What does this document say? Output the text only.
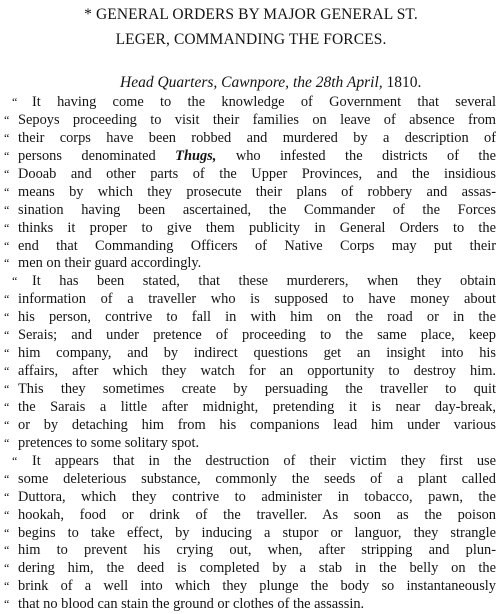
* GENERAL ORDERS BY MAJOR GENERAL ST.
LEGER, COMMANDING THE FORCES.
Head Quarters, Cawnpore, the 28th April, 1810.
“ It having come to the knowledge of Government that several
“ Sepoys proceeding to visit their families on leave of absence from
“ their corps have been robbed and murdered by a description of
“ persons denominated Thugs, who infested the districts of the
“ Dooab and other parts of the Upper Provinces, and the insidious
“ means by which they prosecute their plans of robbery and assas-
“ sination having been ascertained, the Commander of the Forces
“ thinks it proper to give them publicity in General Orders to the
“ end that Commanding Officers of Native Corps may put their
“ men on their guard accordingly.
“ It has been stated, that these murderers, when they obtain
“ information of a traveller who is supposed to have money about
“ his person, contrive to fall in with him on the road or in the
“ Serais; and under pretence of proceeding to the same place, keep
“ him company, and by indirect questions get an insight into his
“ affairs, after which they watch for an opportunity to destroy him.
“ This they sometimes create by persuading the traveller to quit
“ the Sarais a little after midnight, pretending it is near day-break,
“ or by detaching him from his companions lead him under various
“ pretences to some solitary spot.
“ It appears that in the destruction of their victim they first use
“ some deleterious substance, commonly the seeds of a plant called
“ Duttora, which they contrive to administer in tobacco, pawn, the
“ hookah, food or drink of the traveller. As soon as the poison
“ begins to take effect, by inducing a stupor or languor, they strangle
“ him to prevent his crying out, when, after stripping and plun-
“ dering him, the deed is completed by a stab in the belly on the
“ brink of a well into which they plunge the body so instantaneously
“ that no blood can stain the ground or clothes of the assassin.
